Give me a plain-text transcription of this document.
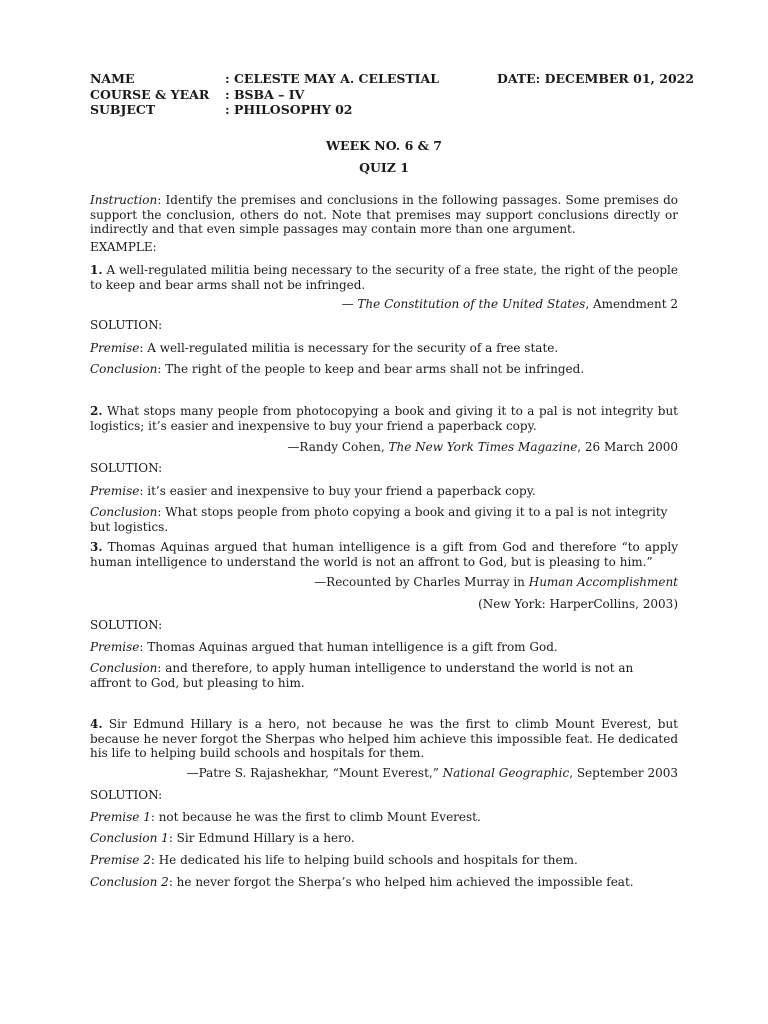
NAME	: CELESTE MAY A. CELESTIAL	DATE: DECEMBER 01, 2022
COURSE & YEAR : BSBA – IV
SUBJECT	: PHILOSOPHY 02
WEEK NO. 6 & 7
QUIZ 1

Instruction: Identify the premises and conclusions in the following passages. Some premises do support the conclusion, others do not. Note that premises may support conclusions directly or indirectly and that even simple passages may contain more than one argument.

EXAMPLE:

1. A well-regulated militia being necessary to the security of a free state, the right of the people to keep and bear arms shall not be infringed.

— The Constitution of the United States, Amendment 2
SOLUTION:
Premise: A well-regulated militia is necessary for the security of a free state.
Conclusion: The right of the people to keep and bear arms shall not be infringed.

2. What stops many people from photocopying a book and giving it to a pal is not integrity but logistics; it’s easier and inexpensive to buy your friend a paperback copy.

—Randy Cohen, The New York Times Magazine, 26 March 2000
SOLUTION:
Premise: it’s easier and inexpensive to buy your friend a paperback copy.

Conclusion: What stops people from photo copying a book and giving it to a pal is not integrity but logistics.

3. Thomas Aquinas argued that human intelligence is a gift from God and therefore “to apply human intelligence to understand the world is not an affront to God, but is pleasing to him.”

—Recounted by Charles Murray in Human Accomplishment
(New York: HarperCollins, 2003)
SOLUTION:
Premise: Thomas Aquinas argued that human intelligence is a gift from God.

Conclusion: and therefore, to apply human intelligence to understand the world is not an affront to God, but pleasing to him.

4. Sir Edmund Hillary is a hero, not because he was the first to climb Mount Everest, but because he never forgot the Sherpas who helped him achieve this impossible feat. He dedicated his life to helping build schools and hospitals for them.

—Patre S. Rajashekhar, “Mount Everest,” National Geographic, September 2003
SOLUTION:
Premise 1: not because he was the first to climb Mount Everest.
Conclusion 1: Sir Edmund Hillary is a hero.
Premise 2: He dedicated his life to helping build schools and hospitals for them.
Conclusion 2: he never forgot the Sherpa’s who helped him achieved the impossible feat.
